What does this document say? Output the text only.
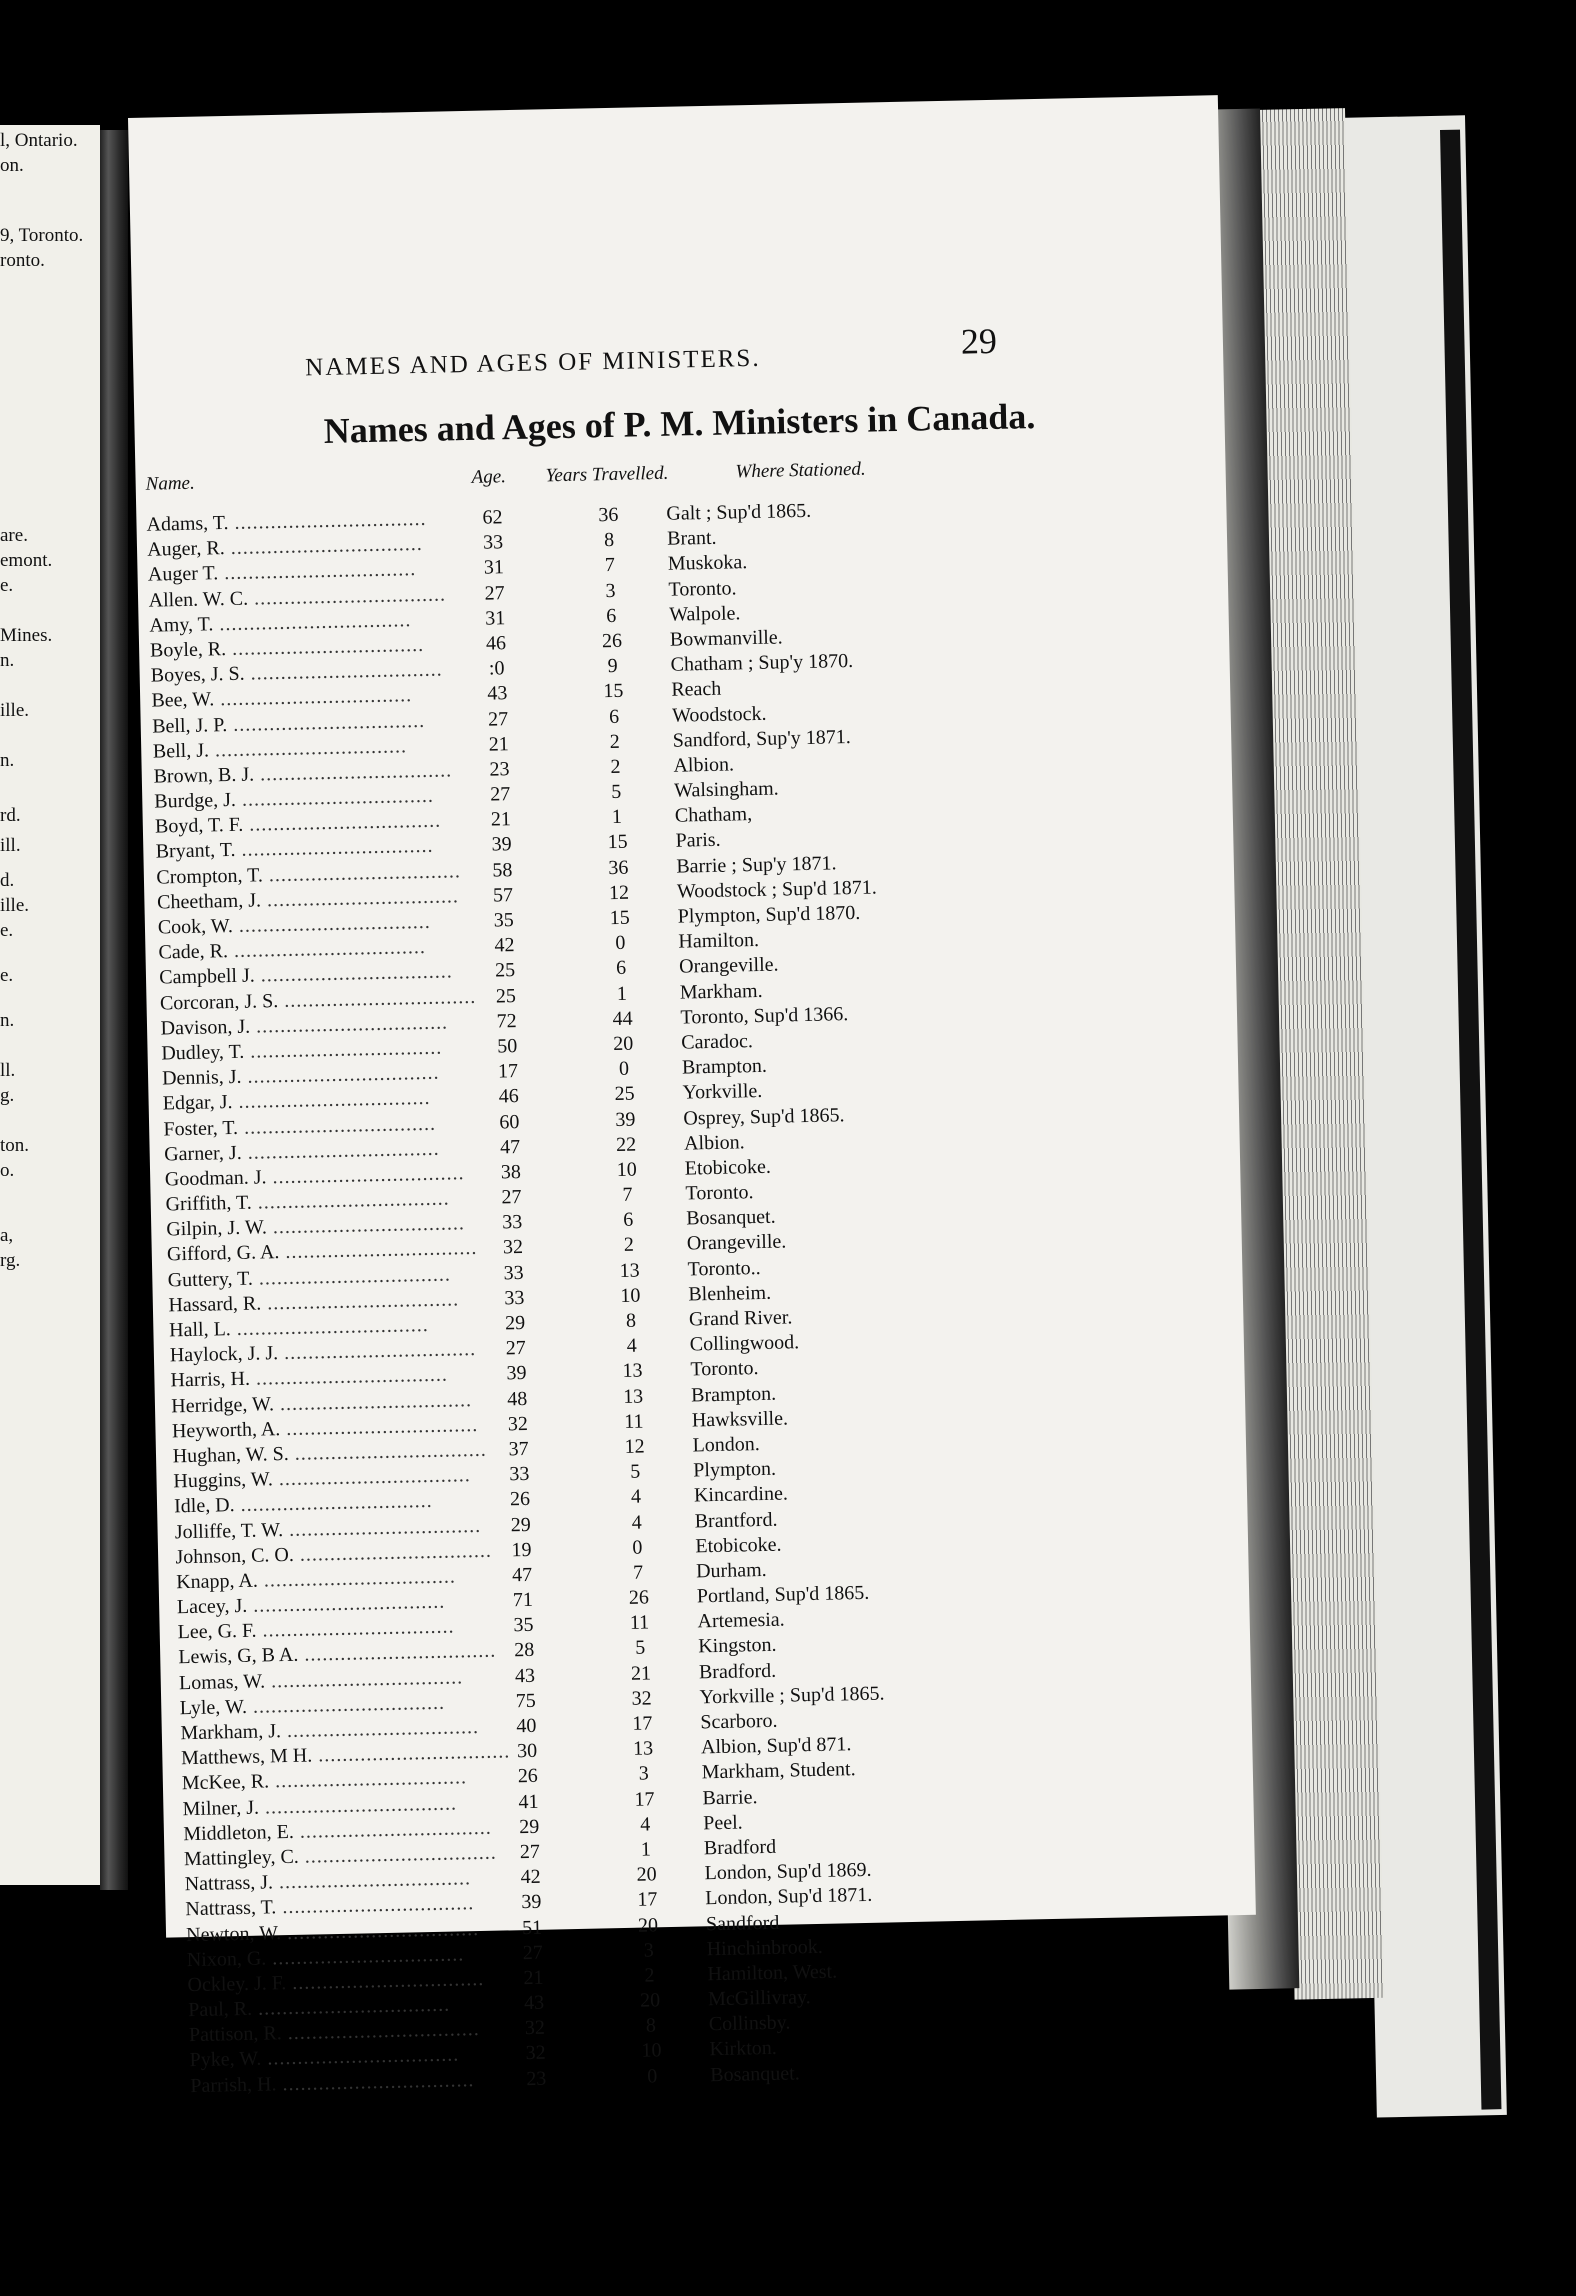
l, Ontario.
on.
9, Toronto.
ronto.
are.
emont.
e.
Mines.
n.
ille.
n.
rd.
ill.
d.
ille.
e.
e.
n.
ll.
g.
ton.
o.
a,
rg.
NAMES AND AGES OF MINISTERS.
29
Names and Ages of P. M. Ministers in Canada.
Name.	Age. Years Travelled.	Where Stationed.
Adams, T. ................................	62	36	Galt ; Sup'd 1865.
Auger, R. ................................	33	8	Brant.
Auger T. ................................	31	7	Muskoka.
Allen. W. C. ................................	27	3	Toronto.
Amy, T. ................................	31	6	Walpole.
Boyle, R. ................................	46	26	Bowmanville.
Boyes, J. S. ................................	:0	9	Chatham ; Sup'y 1870.
Bee, W. ................................	43	15	Reach
Bell, J. P. ................................	27	6	Woodstock.
Bell, J. ................................	21	2	Sandford, Sup'y 1871.
Brown, B. J. ................................	23	2	Albion.
Burdge, J. ................................	27	5	Walsingham.
Boyd, T. F. ................................	21	1	Chatham,
Bryant, T. ................................	39	15	Paris.
Crompton, T. ................................	58	36	Barrie ; Sup'y 1871.
Cheetham, J. ................................	57	12	Woodstock ; Sup'd 1871.
Cook, W. ................................	35	15	Plympton, Sup'd 1870.
Cade, R. ................................	42	0	Hamilton.
Campbell J. ................................	25	6	Orangeville.
Corcoran, J. S. ................................ 25	1	Markham.
Davison, J. ................................	72	44	Toronto, Sup'd 1366.
Dudley, T. ................................	50	20	Caradoc.
Dennis, J. ................................	17	0	Brampton.
Edgar, J. ................................	46	25	Yorkville.
Foster, T. ................................	60	39	Osprey, Sup'd 1865.
Garner, J. ................................	47	22	Albion.
Goodman. J. ................................	38	10	Etobicoke.
Griffith, T. ................................	27	7	Toronto.
Gilpin, J. W. ................................	33	6	Bosanquet.
Gifford, G. A. ................................	32	2	Orangeville.
Guttery, T. ................................	33	13	Toronto..
Hassard, R. ................................	33	10	Blenheim.
Hall, L. ................................	29	8	Grand River.
Haylock, J. J. ................................	27	4	Collingwood.
Harris, H. ................................	39	13	Toronto.
Herridge, W. ................................	48	13	Brampton.
Heyworth, A. ................................	32	11	Hawksville.
Hughan, W. S. ................................	37	12	London.
Huggins, W. ................................	33	5	Plympton.
Idle, D. ................................	26	4	Kincardine.
Jolliffe, T. W. ................................	29	4	Brantford.
Johnson, C. O. ................................ 19	0	Etobicoke.
Knapp, A. ................................	47	7	Durham.
Lacey, J. ................................	71	26	Portland, Sup'd 1865.
Lee, G. F. ................................	35	11	Artemesia.
Lewis, G, B A. ................................ 28	5	Kingston.
Lomas, W. ................................	43	21	Bradford.
Lyle, W. ................................	75	32	Yorkville ; Sup'd 1865.
Markham, J. ................................	40	17	Scarboro.
Matthews, M H. ................................ 30	13	Albion, Sup'd 871.
McKee, R. ................................	26	3	Markham, Student.
Milner, J. ................................	41	17	Barrie.
Middleton, E. ................................	29	4	Peel.
Mattingley, C. ................................	27	1	Bradford
Nattrass, J. ................................	42	20	London, Sup'd 1869.
Nattrass, T. ................................	39	17	London, Sup'd 1871.
Newton, W. ................................	51	20	Sandford
Nixon, G. ................................	27	3	Hinchinbrook.
Ockley. J. F. ................................	21	2	Hamilton, West.
Paul, R. ................................	43	20	McGillivray.
Pattison, R. ................................	32	8	Collinsby.
Pyke, W. ................................	32	10	Kirkton.
Parrish, H. ................................	23	0	Bosanquet.
